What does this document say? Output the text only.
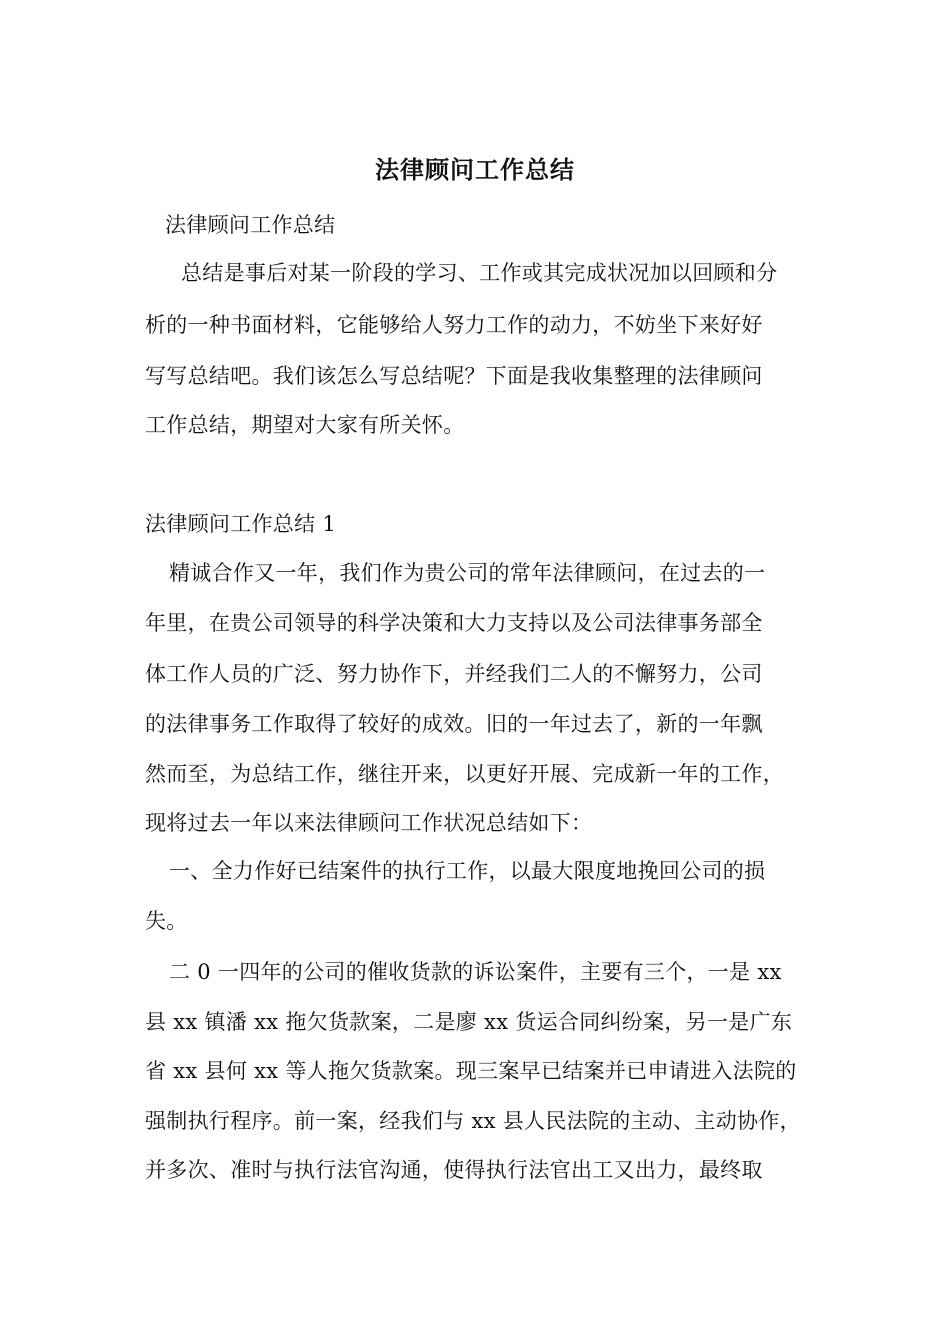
法律顾问工作总结
法律顾问工作总结
总结是事后对某一阶段的学习、工作或其完成状况加以回顾和分
析的一种书面材料，它能够给人努力工作的动力，不妨坐下来好好
写写总结吧。我们该怎么写总结呢？下面是我收集整理的法律顾问
工作总结，期望对大家有所关怀。
法律顾问工作总结 1
精诚合作又一年，我们作为贵公司的常年法律顾问，在过去的一
年里，在贵公司领导的科学决策和大力支持以及公司法律事务部全
体工作人员的广泛、努力协作下，并经我们二人的不懈努力，公司
的法律事务工作取得了较好的成效。旧的一年过去了，新的一年飘
然而至，为总结工作，继往开来，以更好开展、完成新一年的工作，
现将过去一年以来法律顾问工作状况总结如下：
一、全力作好已结案件的执行工作，以最大限度地挽回公司的损
失。
二 0 一四年的公司的催收货款的诉讼案件，主要有三个，一是 xx
县 xx 镇潘 xx 拖欠货款案，二是廖 xx 货运合同纠纷案，另一是广东
省 xx 县何 xx 等人拖欠货款案。现三案早已结案并已申请进入法院的
强制执行程序。前一案，经我们与 xx 县人民法院的主动、主动协作，
并多次、准时与执行法官沟通，使得执行法官出工又出力，最终取
